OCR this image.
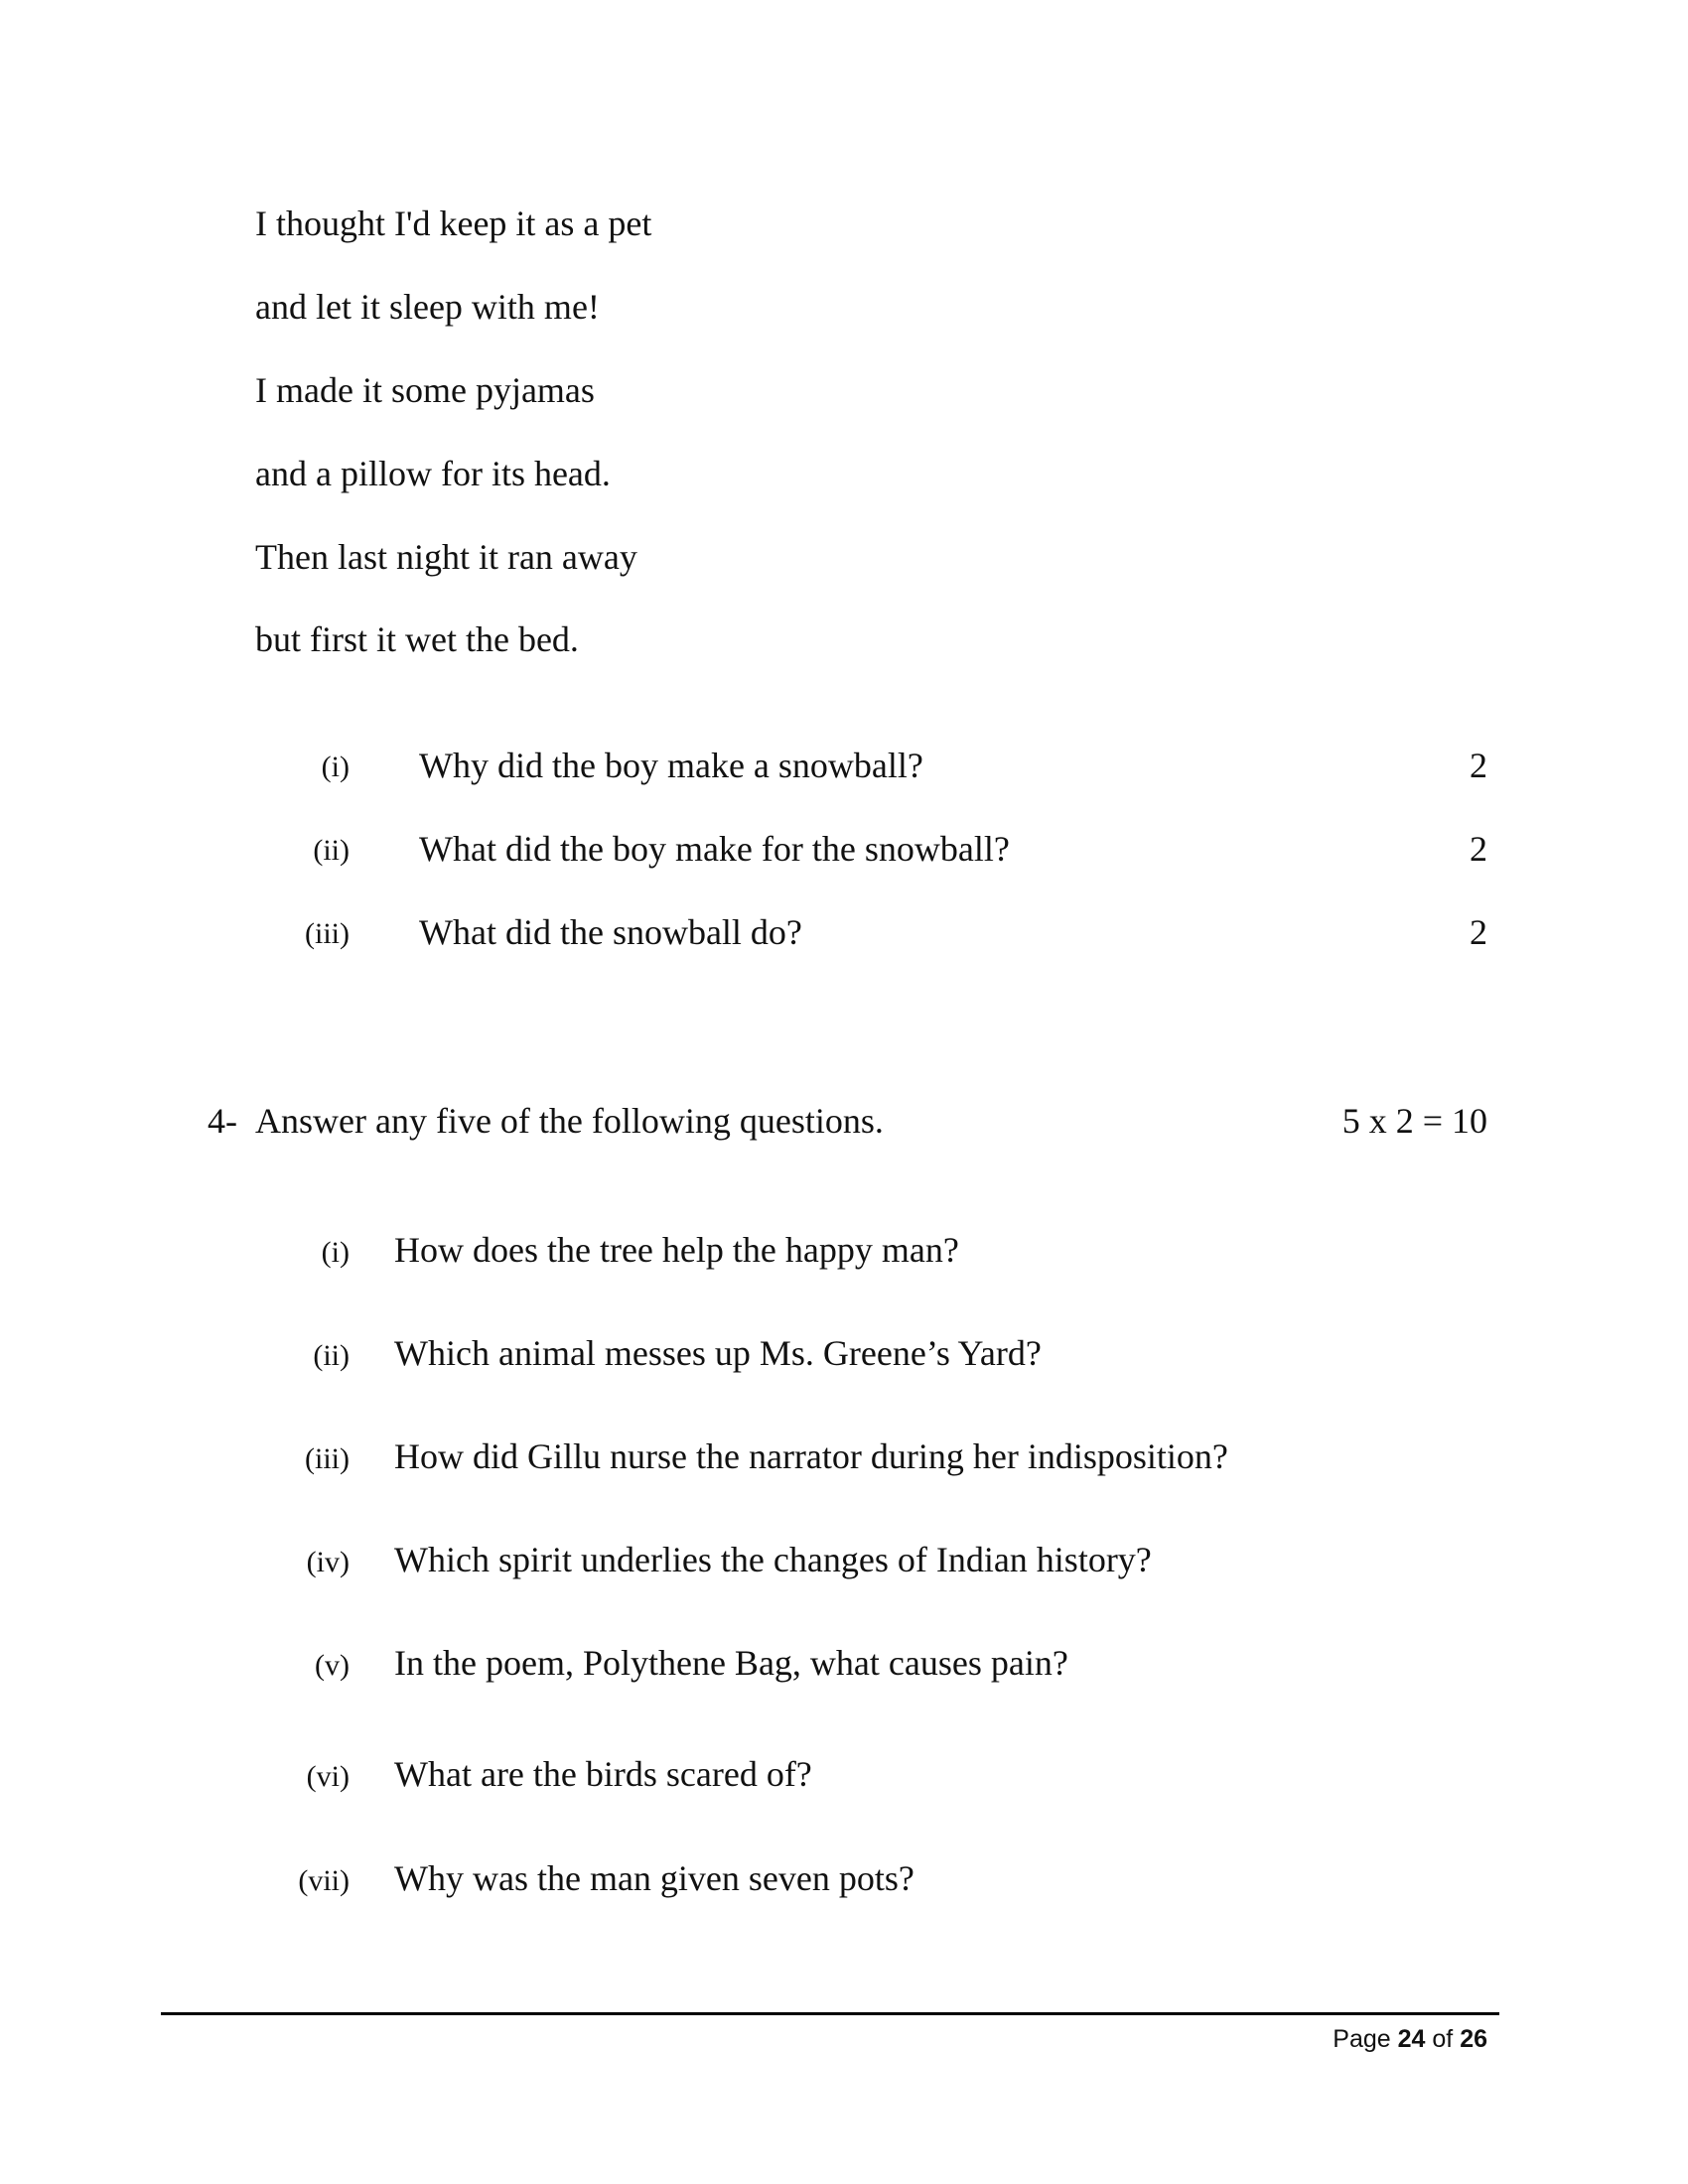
I thought I'd keep it as a pet
and let it sleep with me!
I made it some pyjamas
and a pillow for its head.
Then last night it ran away
but first it wet the bed.
(i) Why did the boy make a snowball?	2
(ii) What did the boy make for the snowball?	2
(iii) What did the snowball do?	2
4- Answer any five of the following questions.	5 x 2 = 10
(i) How does the tree help the happy man?
(ii) Which animal messes up Ms. Greene’s Yard?
(iii) How did Gillu nurse the narrator during her indisposition?
(iv) Which spirit underlies the changes of Indian history?
(v) In the poem, Polythene Bag, what causes pain?
(vi) What are the birds scared of?
(vii) Why was the man given seven pots?
Page 24 of 26
